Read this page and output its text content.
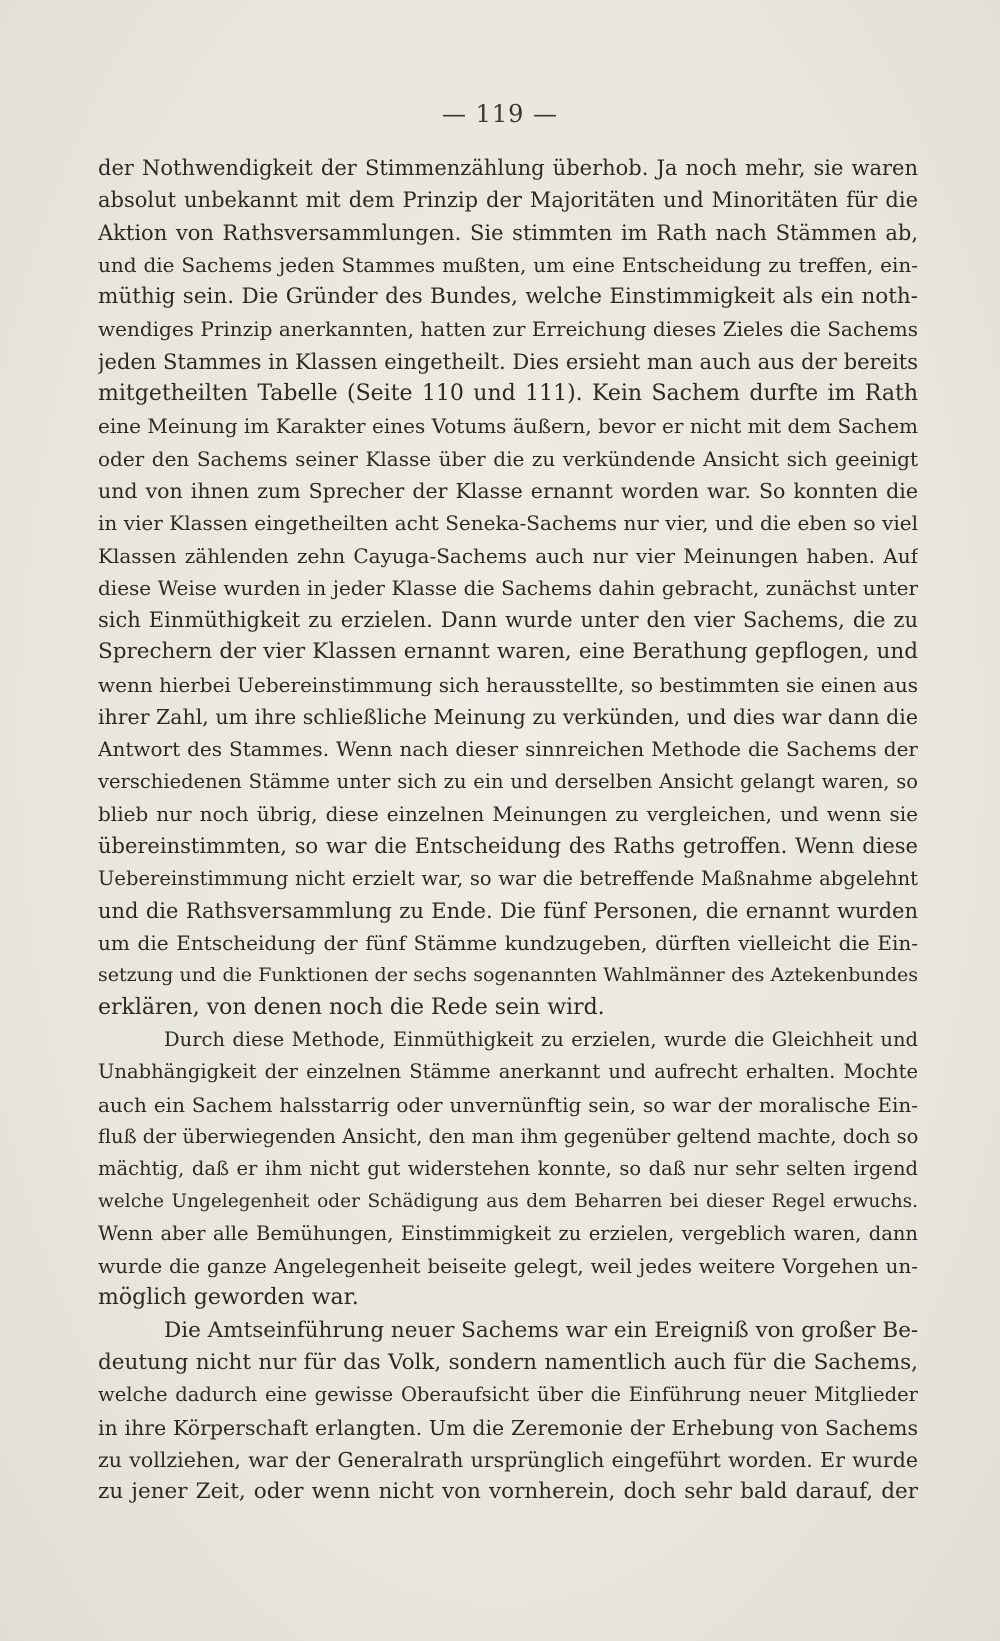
— 119 —
der Nothwendigkeit der Stimmenzählung überhob. Ja noch mehr, sie waren
absolut unbekannt mit dem Prinzip der Majoritäten und Minoritäten für die
Aktion von Rathsversammlungen. Sie stimmten im Rath nach Stämmen ab,
und die Sachems jeden Stammes mußten, um eine Entscheidung zu treffen, ein-
müthig sein. Die Gründer des Bundes, welche Einstimmigkeit als ein noth-
wendiges Prinzip anerkannten, hatten zur Erreichung dieses Zieles die Sachems
jeden Stammes in Klassen eingetheilt. Dies ersieht man auch aus der bereits
mitgetheilten Tabelle (Seite 110 und 111). Kein Sachem durfte im Rath
eine Meinung im Karakter eines Votums äußern, bevor er nicht mit dem Sachem
oder den Sachems seiner Klasse über die zu verkündende Ansicht sich geeinigt
und von ihnen zum Sprecher der Klasse ernannt worden war. So konnten die
in vier Klassen eingetheilten acht Seneka-Sachems nur vier, und die eben so viel
Klassen zählenden zehn Cayuga-Sachems auch nur vier Meinungen haben. Auf
diese Weise wurden in jeder Klasse die Sachems dahin gebracht, zunächst unter
sich Einmüthigkeit zu erzielen. Dann wurde unter den vier Sachems, die zu
Sprechern der vier Klassen ernannt waren, eine Berathung gepflogen, und
wenn hierbei Uebereinstimmung sich herausstellte, so bestimmten sie einen aus
ihrer Zahl, um ihre schließliche Meinung zu verkünden, und dies war dann die
Antwort des Stammes. Wenn nach dieser sinnreichen Methode die Sachems der
verschiedenen Stämme unter sich zu ein und derselben Ansicht gelangt waren, so
blieb nur noch übrig, diese einzelnen Meinungen zu vergleichen, und wenn sie
übereinstimmten, so war die Entscheidung des Raths getroffen. Wenn diese
Uebereinstimmung nicht erzielt war, so war die betreffende Maßnahme abgelehnt
und die Rathsversammlung zu Ende. Die fünf Personen, die ernannt wurden
um die Entscheidung der fünf Stämme kundzugeben, dürften vielleicht die Ein-
setzung und die Funktionen der sechs sogenannten Wahlmänner des Aztekenbundes
erklären, von denen noch die Rede sein wird.
Durch diese Methode, Einmüthigkeit zu erzielen, wurde die Gleichheit und
Unabhängigkeit der einzelnen Stämme anerkannt und aufrecht erhalten. Mochte
auch ein Sachem halsstarrig oder unvernünftig sein, so war der moralische Ein-
fluß der überwiegenden Ansicht, den man ihm gegenüber geltend machte, doch so
mächtig, daß er ihm nicht gut widerstehen konnte, so daß nur sehr selten irgend
welche Ungelegenheit oder Schädigung aus dem Beharren bei dieser Regel erwuchs.
Wenn aber alle Bemühungen, Einstimmigkeit zu erzielen, vergeblich waren, dann
wurde die ganze Angelegenheit beiseite gelegt, weil jedes weitere Vorgehen un-
möglich geworden war.
Die Amtseinführung neuer Sachems war ein Ereigniß von großer Be-
deutung nicht nur für das Volk, sondern namentlich auch für die Sachems,
welche dadurch eine gewisse Oberaufsicht über die Einführung neuer Mitglieder
in ihre Körperschaft erlangten. Um die Zeremonie der Erhebung von Sachems
zu vollziehen, war der Generalrath ursprünglich eingeführt worden. Er wurde
zu jener Zeit, oder wenn nicht von vornherein, doch sehr bald darauf, der
